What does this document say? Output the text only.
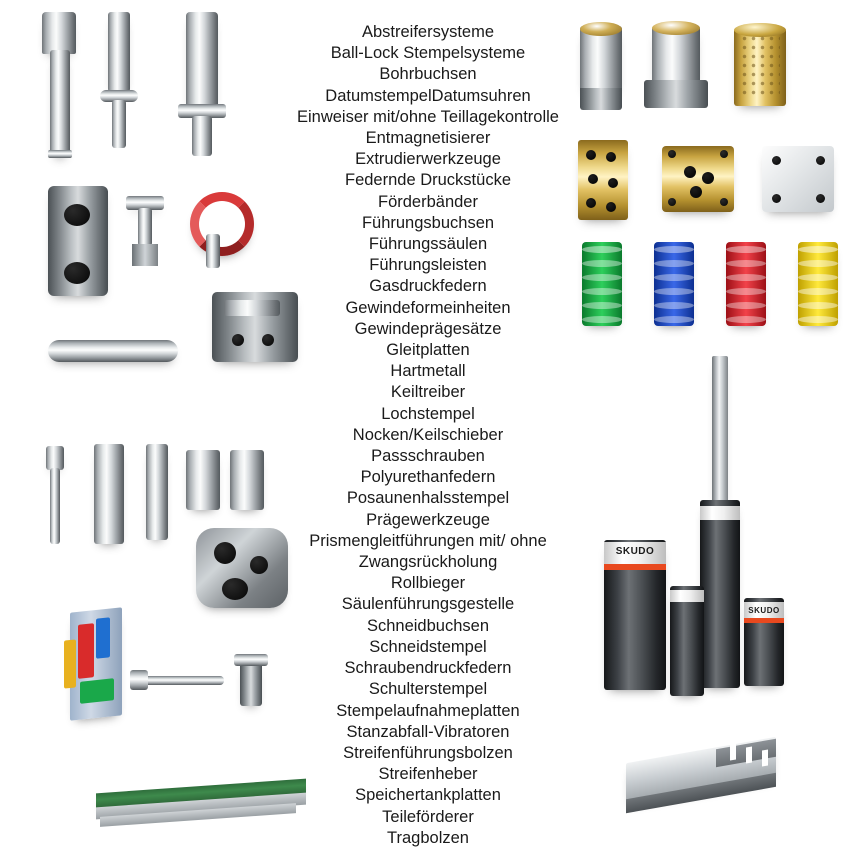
Abstreifersysteme
Ball-Lock Stempelsysteme
Bohrbuchsen
DatumstempelDatumsuhren
Einweiser mit/ohne Teillagekontrolle
Entmagnetisierer
Extrudierwerkzeuge
Federnde Druckstücke
Förderbänder
Führungsbuchsen
Führungssäulen
Führungsleisten
Gasdruckfedern
Gewindeformeinheiten
Gewindeprägesätze
Gleitplatten
Hartmetall
Keiltreiber
Lochstempel
Nocken/Keilschieber
Passschrauben
Polyurethanfedern
Posaunenhalsstempel
Prägewerkzeuge
Prismengleitführungen mit/ ohne Zwangsrückholung
Rollbieger
Säulenführungsgestelle
Schneidbuchsen
Schneidstempel
Schraubendruckfedern
Schulterstempel
Stempelaufnahmeplatten
Stanzabfall-Vibratoren
Streifenführungsbolzen
Streifenheber
Speichertankplatten
Teileförderer
Tragbolzen
SKUDO
SKUDO
